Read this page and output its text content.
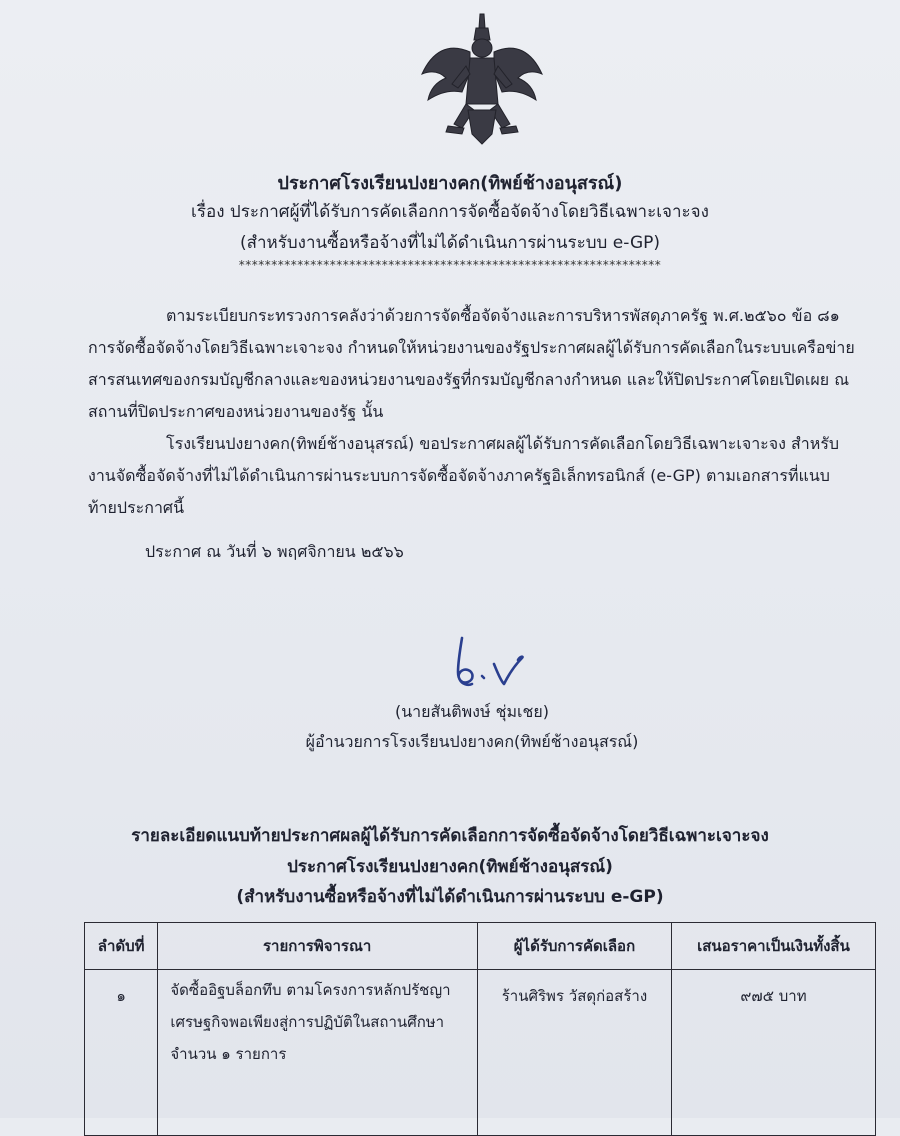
ประกาศโรงเรียนปงยางคก(ทิพย์ช้างอนุสรณ์)
เรื่อง ประกาศผู้ที่ได้รับการคัดเลือกการจัดซื้อจัดจ้างโดยวิธีเฉพาะเจาะจง
(สำหรับงานซื้อหรือจ้างที่ไม่ได้ดำเนินการผ่านระบบ e-GP)
*****************************************************************
ตามระเบียบกระทรวงการคลังว่าด้วยการจัดซื้อจัดจ้างและการบริหารพัสดุภาครัฐ พ.ศ.๒๕๖๐ ข้อ ๘๑ การจัดซื้อจัดจ้างโดยวิธีเฉพาะเจาะจง กำหนดให้หน่วยงานของรัฐประกาศผลผู้ได้รับการคัดเลือกในระบบเครือข่ายสารสนเทศของกรมบัญชีกลางและของหน่วยงานของรัฐที่กรมบัญชีกลางกำหนด และให้ปิดประกาศโดยเปิดเผย ณ สถานที่ปิดประกาศของหน่วยงานของรัฐ นั้น
โรงเรียนปงยางคก(ทิพย์ช้างอนุสรณ์) ขอประกาศผลผู้ได้รับการคัดเลือกโดยวิธีเฉพาะเจาะจง สำหรับงานจัดซื้อจัดจ้างที่ไม่ได้ดำเนินการผ่านระบบการจัดซื้อจัดจ้างภาครัฐอิเล็กทรอนิกส์ (e-GP) ตามเอกสารที่แนบท้ายประกาศนี้
ประกาศ ณ วันที่ ๖ พฤศจิกายน ๒๕๖๖
(นายสันติพงษ์ ชุ่มเชย)
ผู้อำนวยการโรงเรียนปงยางคก(ทิพย์ช้างอนุสรณ์)
รายละเอียดแนบท้ายประกาศผลผู้ได้รับการคัดเลือกการจัดซื้อจัดจ้างโดยวิธีเฉพาะเจาะจง
ประกาศโรงเรียนปงยางคก(ทิพย์ช้างอนุสรณ์)
(สำหรับงานซื้อหรือจ้างที่ไม่ได้ดำเนินการผ่านระบบ e-GP)
ลำดับที่	รายการพิจารณา	ผู้ได้รับการคัดเลือก	เสนอราคาเป็นเงินทั้งสิ้น
๑	จัดซื้ออิฐบล็อกทึบ ตามโครงการหลักปรัชญาเศรษฐกิจพอเพียงสู่การปฏิบัติในสถานศึกษา จำนวน ๑ รายการ	ร้านศิริพร วัสดุก่อสร้าง	๙๗๕ บาท
